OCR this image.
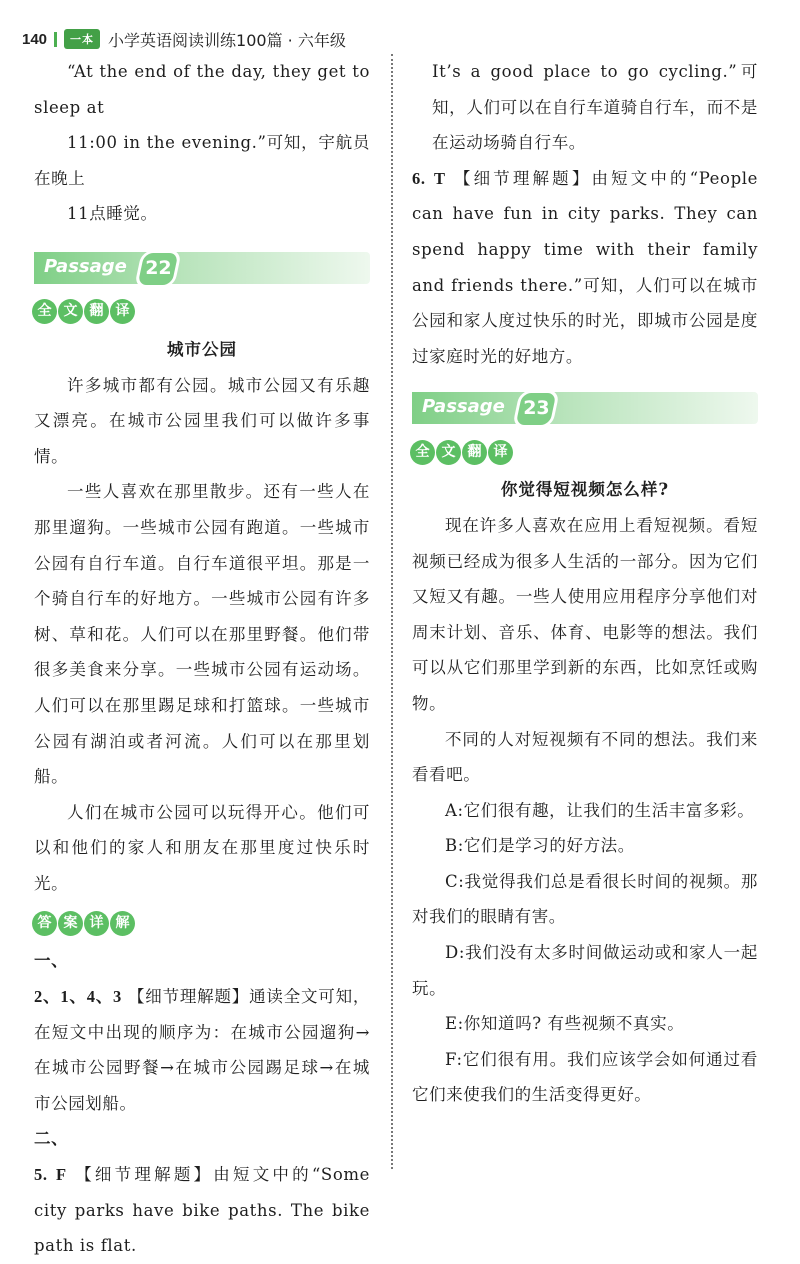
140	一本 小学英语阅读训练100篇 · 六年级

“At the end of the day, they get to sleep at

11:00 in the evening.”可知，宇航员在晚上

11点睡觉。

Passage 22
全 文 翻 译

城市公园

许多城市都有公园。城市公园又有乐趣又漂亮。在城市公园里我们可以做许多事情。

一些人喜欢在那里散步。还有一些人在那里遛狗。一些城市公园有跑道。一些城市公园有自行车道。自行车道很平坦。那是一个骑自行车的好地方。一些城市公园有许多树、草和花。人们可以在那里野餐。他们带很多美食来分享。一些城市公园有运动场。人们可以在那里踢足球和打篮球。一些城市公园有湖泊或者河流。人们可以在那里划船。

人们在城市公园可以玩得开心。他们可以和他们的家人和朋友在那里度过快乐时光。

答 案 详 解

一、

2、1、4、3 【细节理解题】通读全文可知，在短文中出现的顺序为：在城市公园遛狗→在城市公园野餐→在城市公园踢足球→在城市公园划船。

二、

5. F 【细节理解题】由短文中的“Some city parks have bike paths. The bike path is flat.

It’s a good place to go cycling.”可知，人们可以在自行车道骑自行车，而不是在运动场骑自行车。

6. T 【细节理解题】由短文中的“People can have fun in city parks. They can spend happy time with their family and friends there.”可知，人们可以在城市公园和家人度过快乐的时光，即城市公园是度过家庭时光的好地方。

Passage 23
全 文 翻 译

你觉得短视频怎么样?

现在许多人喜欢在应用上看短视频。看短视频已经成为很多人生活的一部分。因为它们又短又有趣。一些人使用应用程序分享他们对周末计划、音乐、体育、电影等的想法。我们可以从它们那里学到新的东西，比如烹饪或购物。

不同的人对短视频有不同的想法。我们来看看吧。

A:它们很有趣，让我们的生活丰富多彩。

B:它们是学习的好方法。

C:我觉得我们总是看很长时间的视频。那对我们的眼睛有害。

D:我们没有太多时间做运动或和家人一起玩。

E:你知道吗? 有些视频不真实。

F:它们很有用。我们应该学会如何通过看它们来使我们的生活变得更好。
